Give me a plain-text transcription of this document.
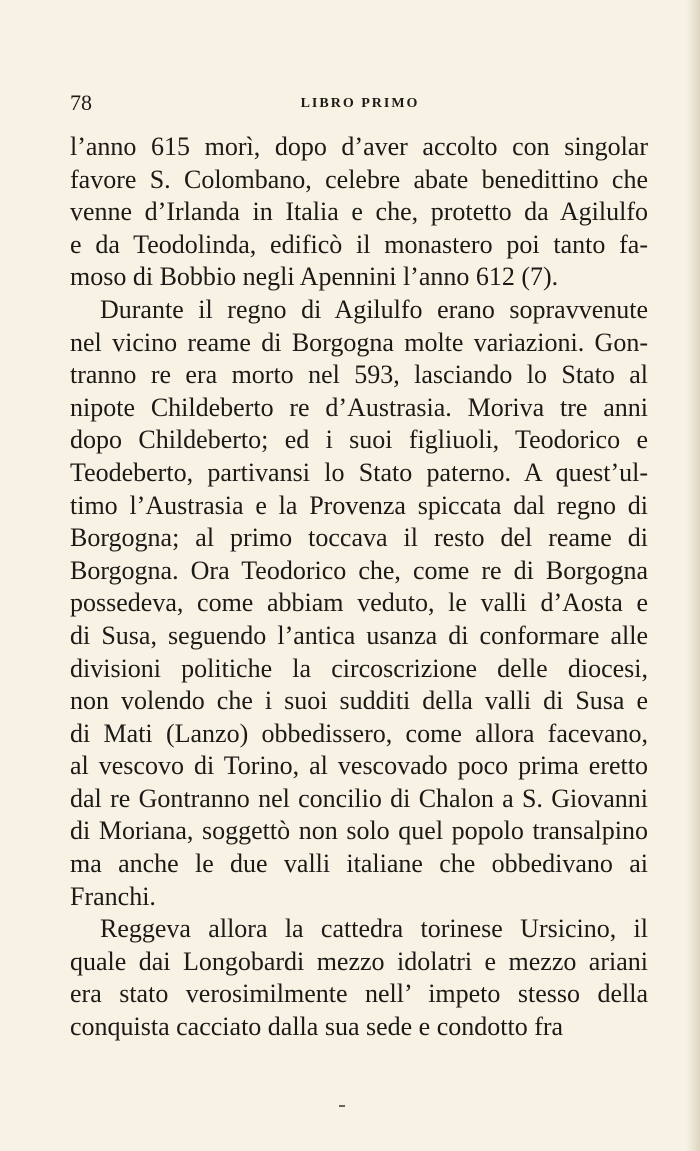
78	LIBRO PRIMO
l’anno 615 morì, dopo d’aver accolto con singolar
favore S. Colombano, celebre abate benedittino che
venne d’Irlanda in Italia e che, protetto da Agilulfo
e da Teodolinda, edificò il monastero poi tanto fa-
moso di Bobbio negli Apennini l’anno 612 (7).
Durante il regno di Agilulfo erano sopravvenute
nel vicino reame di Borgogna molte variazioni. Gon-
tranno re era morto nel 593, lasciando lo Stato al
nipote Childeberto re d’Austrasia. Moriva tre anni
dopo Childeberto; ed i suoi figliuoli, Teodorico e
Teodeberto, partivansi lo Stato paterno. A quest’ul-
timo l’Austrasia e la Provenza spiccata dal regno di
Borgogna; al primo toccava il resto del reame di
Borgogna. Ora Teodorico che, come re di Borgogna
possedeva, come abbiam veduto, le valli d’Aosta e
di Susa, seguendo l’antica usanza di conformare alle
divisioni politiche la circoscrizione delle diocesi,
non volendo che i suoi sudditi della valli di Susa e
di Mati (Lanzo) obbedissero, come allora facevano,
al vescovo di Torino, al vescovado poco prima eretto
dal re Gontranno nel concilio di Chalon a S. Giovanni
di Moriana, soggettò non solo quel popolo transalpino
ma anche le due valli italiane che obbedivano ai
Franchi.
Reggeva allora la cattedra torinese Ursicino, il
quale dai Longobardi mezzo idolatri e mezzo ariani
era stato verosimilmente nell’ impeto stesso della
conquista cacciato dalla sua sede e condotto fra
